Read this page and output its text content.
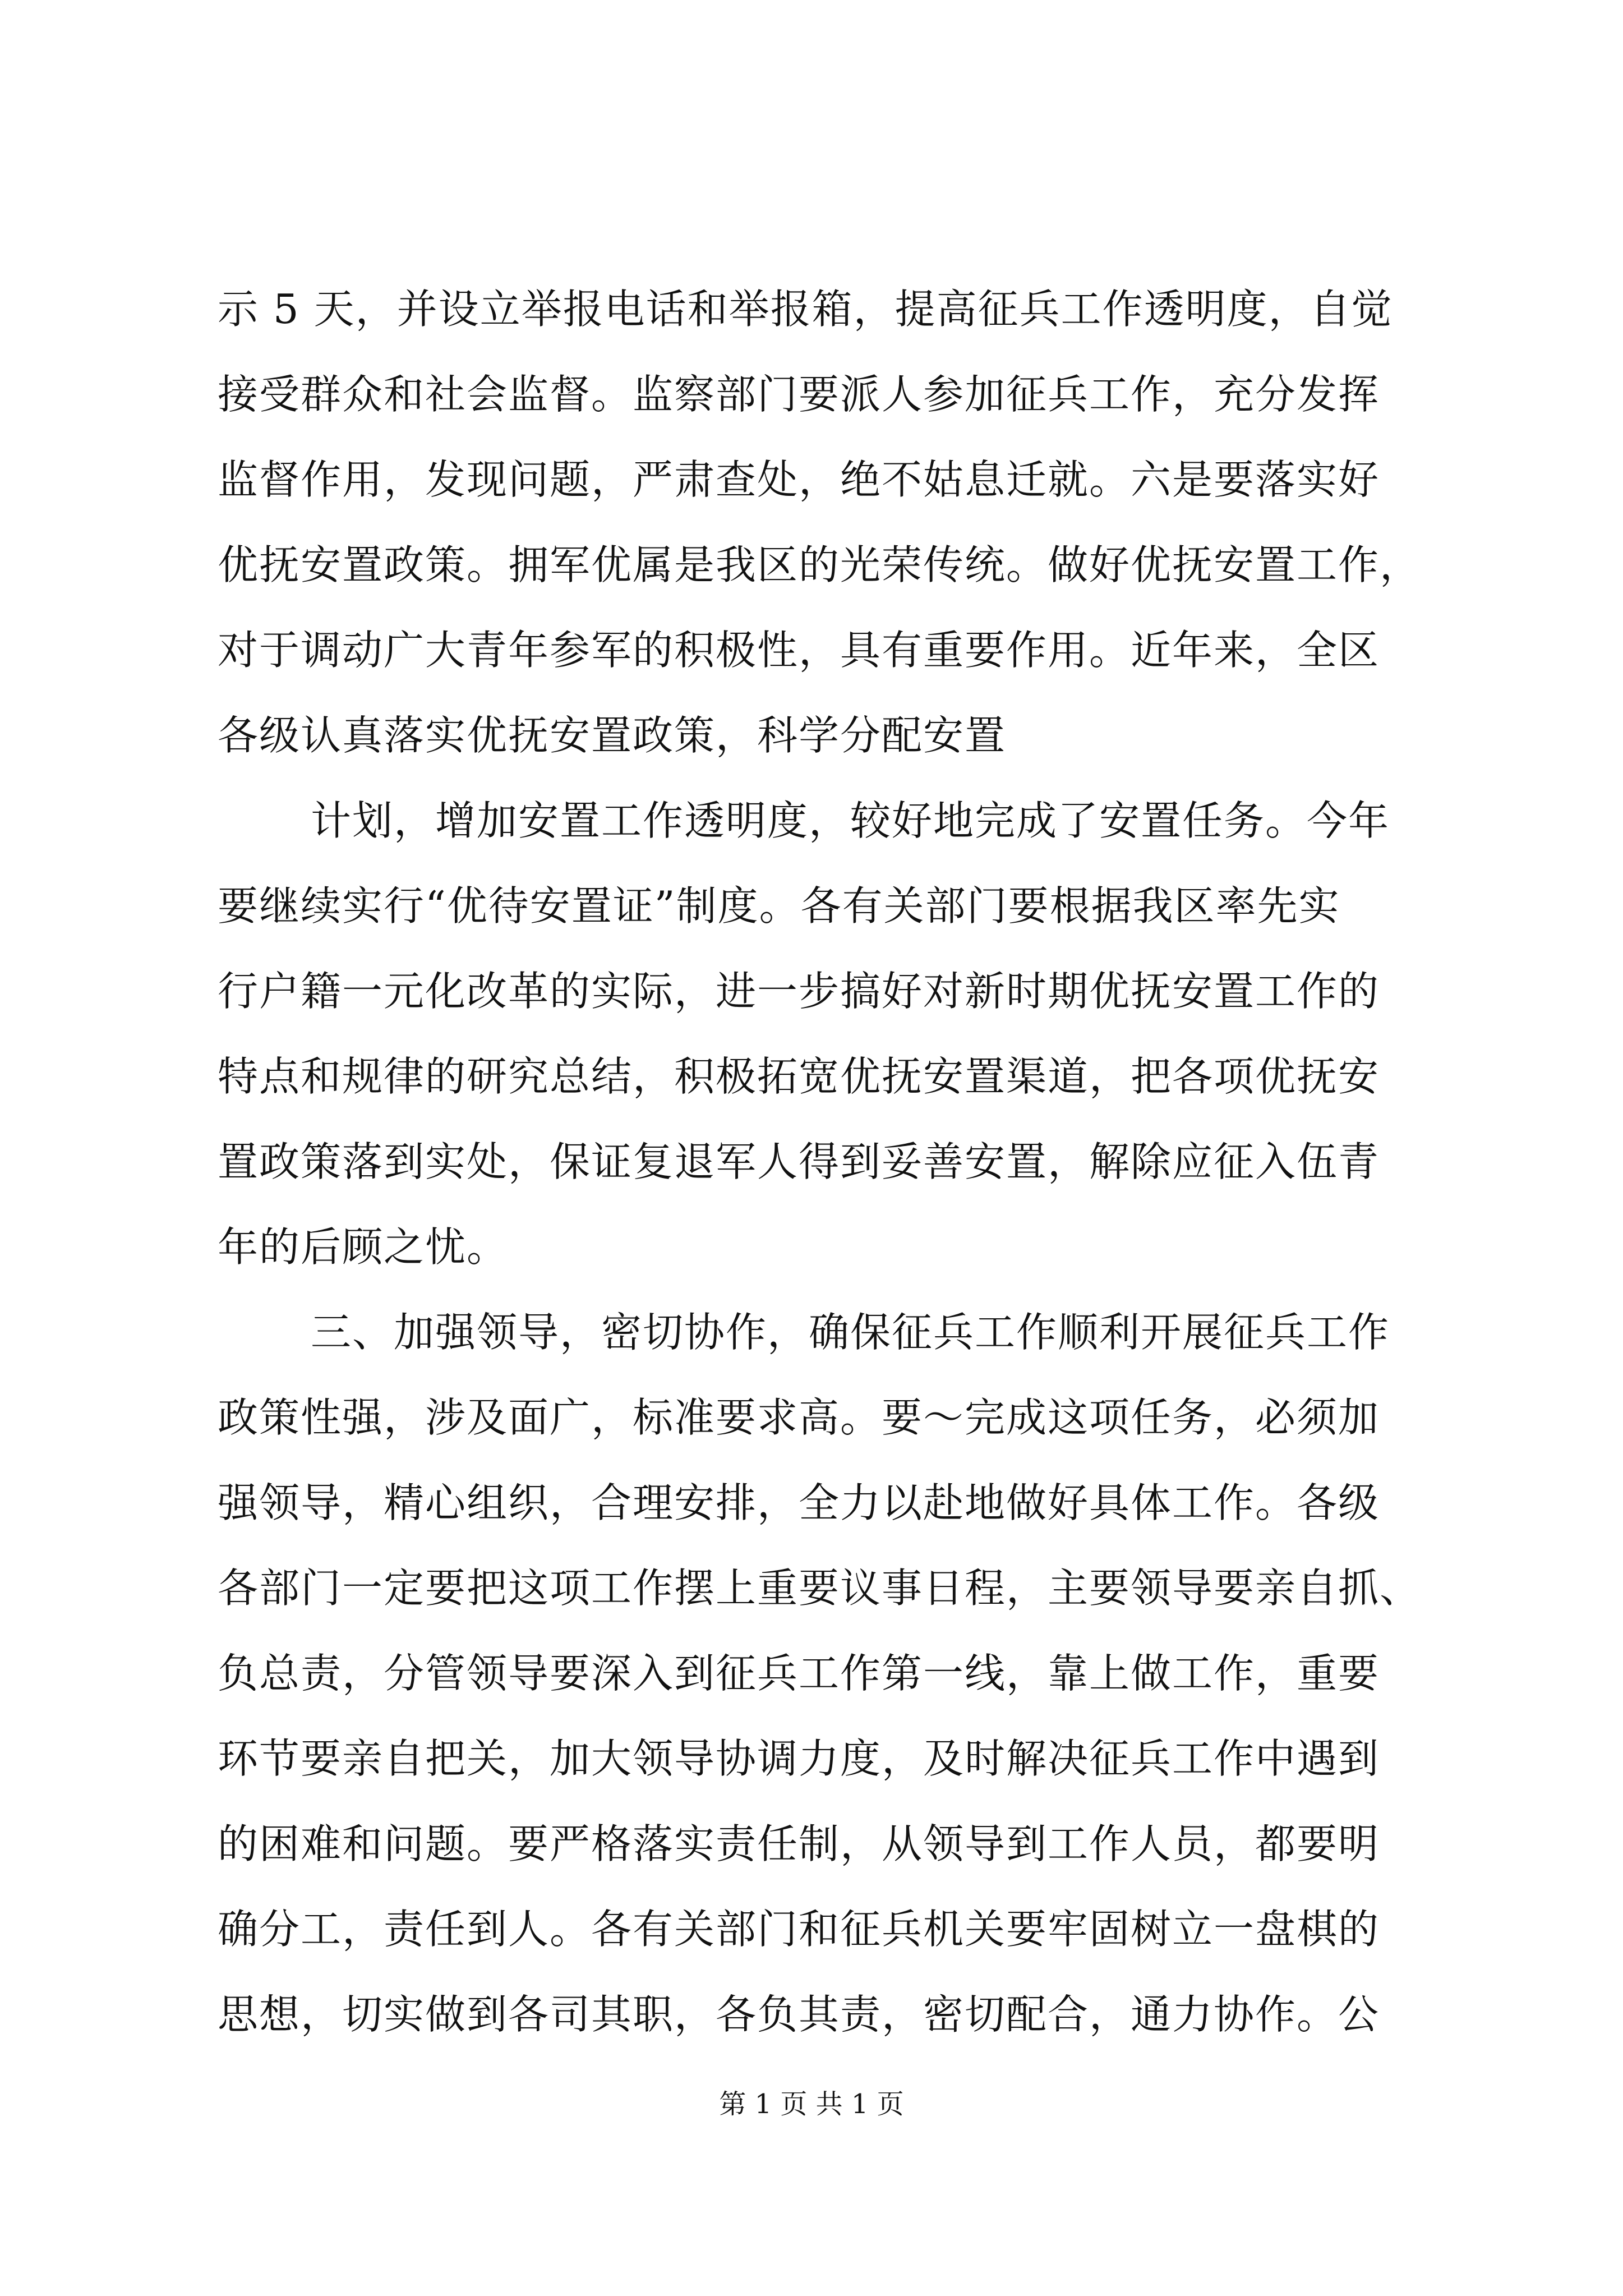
示 5 天，并设立举报电话和举报箱，提高征兵工作透明度，自觉
接受群众和社会监督。监察部门要派人参加征兵工作，充分发挥
监督作用，发现问题，严肃查处，绝不姑息迁就。六是要落实好
优抚安置政策。拥军优属是我区的光荣传统。做好优抚安置工作，
对于调动广大青年参军的积极性，具有重要作用。近年来，全区
各级认真落实优抚安置政策，科学分配安置
计划，增加安置工作透明度，较好地完成了安置任务。今年
要继续实行“优待安置证”制度。各有关部门要根据我区率先实
行户籍一元化改革的实际，进一步搞好对新时期优抚安置工作的
特点和规律的研究总结，积极拓宽优抚安置渠道，把各项优抚安
置政策落到实处，保证复退军人得到妥善安置，解除应征入伍青
年的后顾之忧。
三、加强领导，密切协作，确保征兵工作顺利开展征兵工作
政策性强，涉及面广，标准要求高。要～完成这项任务，必须加
强领导，精心组织，合理安排，全力以赴地做好具体工作。各级
各部门一定要把这项工作摆上重要议事日程，主要领导要亲自抓、
负总责，分管领导要深入到征兵工作第一线，靠上做工作，重要
环节要亲自把关，加大领导协调力度，及时解决征兵工作中遇到
的困难和问题。要严格落实责任制，从领导到工作人员，都要明
确分工，责任到人。各有关部门和征兵机关要牢固树立一盘棋的
思想，切实做到各司其职，各负其责，密切配合，通力协作。公
第 1 页 共 1 页
